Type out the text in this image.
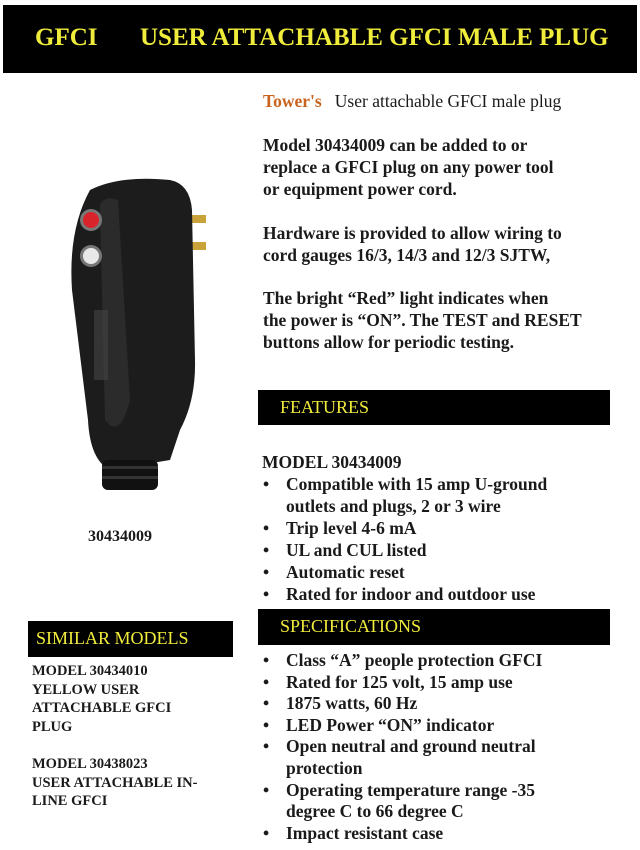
GFCI USER ATTACHABLE GFCI MALE PLUG
Tower's User attachable GFCI male plug
Model 30434009 can be added to or
replace a GFCI plug on any power tool
or equipment power cord.
Hardware is provided to allow wiring to
cord gauges 16/3, 14/3 and 12/3 SJTW,
The bright “Red” light indicates when
the power is “ON”. The TEST and RESET
buttons allow for periodic testing.
30434009
FEATURES
MODEL 30434009
• Compatible with 15 amp U-ground outlets and plugs, 2 or 3 wire
• Trip level 4-6 mA
• UL and CUL listed
• Automatic reset
• Rated for indoor and outdoor use
SPECIFICATIONS
• Class “A” people protection GFCI
• Rated for 125 volt, 15 amp use
• 1875 watts, 60 Hz
• LED Power “ON” indicator
• Open neutral and ground neutral protection
• Operating temperature range -35 degree C to 66 degree C
• Impact resistant case
SIMILAR MODELS
MODEL 30434010
YELLOW USER ATTACHABLE GFCI PLUG
MODEL 30438023
USER ATTACHABLE IN-LINE GFCI
